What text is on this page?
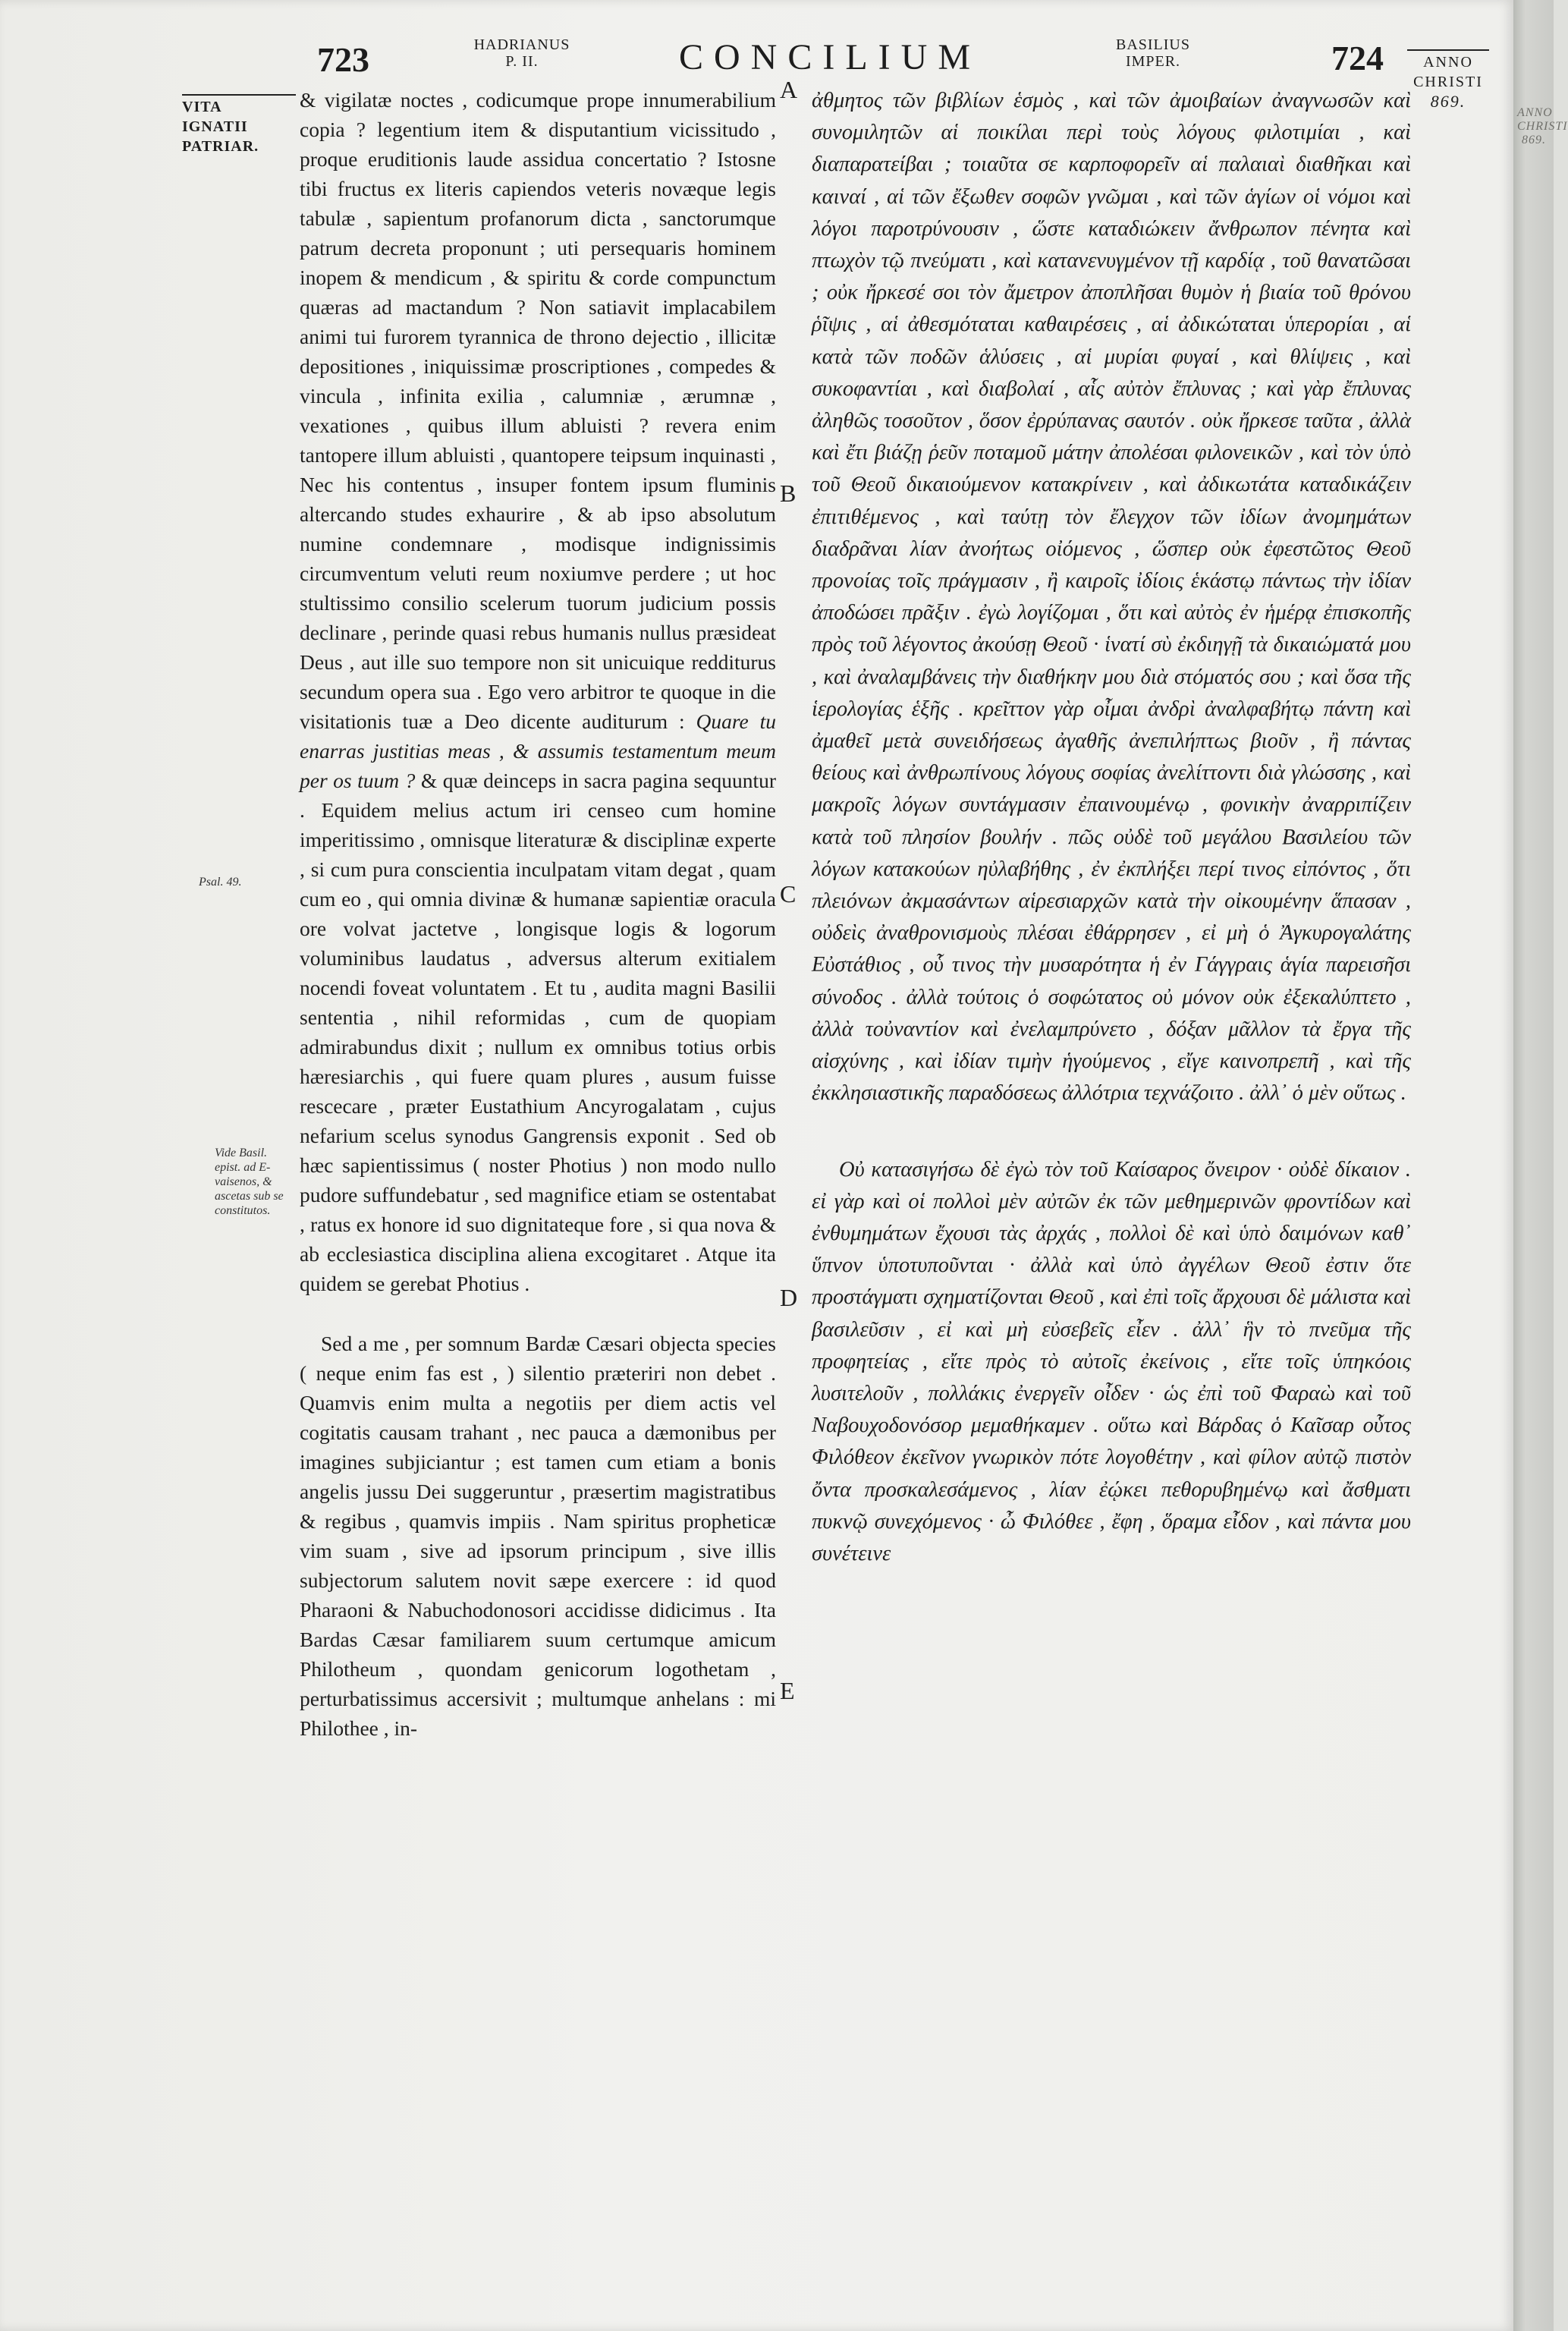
723	HADRIANUS
P. II.	CONCILIUM	BASILIUS
IMPER.	724	ANNO
CHRISTI
869.
VITA
IGNATII
PATRIAR.
Psal. 49.
Vide Basil. epist. ad E- vaisenos, & ascetas sub se constitutos.

& vigilatæ noctes , codicumque prope innumerabilium copia ? legentium item & disputantium vicissitudo , proque eruditionis laude assidua concertatio ? Istosne tibi fructus ex literis capiendos veteris novæque legis tabulæ , sapientum profanorum dicta , sanctorumque patrum decreta proponunt ; uti persequaris hominem inopem & mendicum , & spiritu & corde compunctum quæras ad mactandum ? Non satiavit implacabilem animi tui furorem tyrannica de throno dejectio , illicitæ depositiones , iniquissimæ proscriptiones , compedes & vincula , infinita exilia , calumniæ , ærumnæ , vexationes , quibus illum abluisti ? revera enim tantopere illum abluisti , quantopere teipsum inquinasti , Nec his contentus , insuper fontem ipsum fluminis altercando studes exhaurire , & ab ipso absolutum numine condemnare , modisque indignissimis circumventum veluti reum noxiumve perdere ; ut hoc stultissimo consilio scelerum tuorum judicium possis declinare , perinde quasi rebus humanis nullus præsideat Deus , aut ille suo tempore non sit unicuique redditurus secundum opera sua . Ego vero arbitror te quoque in die visitationis tuæ a Deo dicente auditurum : Quare tu enarras justitias meas , & assumis testamentum meum per os tuum ? & quæ deinceps in sacra pagina sequuntur . Equidem melius actum iri censeo cum homine imperitissimo , omnisque literaturæ & disciplinæ experte , si cum pura conscientia inculpatam vitam degat , quam cum eo , qui omnia divinæ & humanæ sapientiæ oracula ore volvat jactetve , longisque logis & logorum voluminibus laudatus , adversus alterum exitialem nocendi foveat voluntatem . Et tu , audita magni Basilii sententia , nihil reformidas , cum de quopiam admirabundus dixit ; nullum ex omnibus totius orbis hæresiarchis , qui fuere quam plures , ausum fuisse rescecare , præter Eustathium Ancyrogalatam , cujus nefarium scelus synodus Gangrensis exponit . Sed ob hæc sapientissimus ( noster Photius ) non modo nullo pudore suffundebatur , sed magnifice etiam se ostentabat , ratus ex honore id suo dignitateque fore , si qua nova & ab ecclesiastica disciplina aliena excogitaret . Atque ita quidem se gerebat Photius .

Sed a me , per somnum Bardæ Cæsari objecta species ( neque enim fas est , ) silentio præteriri non debet . Quamvis enim multa a negotiis per diem actis vel cogitatis causam trahant , nec pauca a dæmonibus per imagines subjiciantur ; est tamen cum etiam a bonis angelis jussu Dei suggeruntur , præsertim magistratibus & regibus , quamvis impiis . Nam spiritus propheticæ vim suam , sive ad ipsorum principum , sive illis subjectorum salutem novit sæpe exercere : id quod Pharaoni & Nabuchodonosori accidisse didicimus . Ita Bardas Cæsar familiarem suum certumque amicum Philotheum , quondam genicorum logothetam , perturbatissimus accersivit ; multumque anhelans : mi Philothee , in-

A
B
C
D
E

ἀθμητος τῶν βιβλίων ἑσμὸς , καὶ τῶν ἀμοιβαίων ἀναγνωσῶν καὶ συνομιλητῶν αἱ ποικίλαι περὶ τοὺς λόγους φιλοτιμίαι , καὶ διαπαρατείβαι ; τοιαῦτα σε καρποφορεῖν αἱ παλαιαὶ διαθῆκαι καὶ καιναί , αἱ τῶν ἔξωθεν σοφῶν γνῶμαι , καὶ τῶν ἁγίων οἱ νόμοι καὶ λόγοι παροτρύνουσιν , ὥστε καταδιώκειν ἄνθρωπον πένητα καὶ πτωχὸν τῷ πνεύματι , καὶ κατανενυγμένον τῇ καρδίᾳ , τοῦ θανατῶσαι ; οὐκ ἤρκεσέ σοι τὸν ἄμετρον ἀποπλῆσαι θυμὸν ἡ βιαία τοῦ θρόνου ῥῖψις , αἱ ἀθεσμόταται καθαιρέσεις , αἱ ἀδικώταται ὑπερορίαι , αἱ κατὰ τῶν ποδῶν ἁλύσεις , αἱ μυρίαι φυγαί , καὶ θλίψεις , καὶ συκοφαντίαι , καὶ διαβολαί , αἷς αὐτὸν ἔπλυνας ; καὶ γὰρ ἔπλυνας ἀληθῶς τοσοῦτον , ὅσον ἐρρύπανας σαυτόν . οὐκ ἤρκεσε ταῦτα , ἀλλὰ καὶ ἔτι βιάζῃ ῥεῦν ποταμοῦ μάτην ἀπολέσαι φιλονεικῶν , καὶ τὸν ὑπὸ τοῦ Θεοῦ δικαιούμενον κατακρίνειν , καὶ ἀδικωτάτα καταδικάζειν ἐπιτιθέμενος , καὶ ταύτῃ τὸν ἔλεγχον τῶν ἰδίων ἀνομημάτων διαδρᾶναι λίαν ἀνοήτως οἰόμενος , ὥσπερ οὐκ ἐφεστῶτος Θεοῦ προνοίας τοῖς πράγμασιν , ἢ καιροῖς ἰδίοις ἑκάστῳ πάντως τὴν ἰδίαν ἀποδώσει πρᾶξιν . ἐγὼ λογίζομαι , ὅτι καὶ αὐτὸς ἐν ἡμέρᾳ ἐπισκοπῆς πρὸς τοῦ λέγοντος ἀκούσῃ Θεοῦ · ἱνατί σὺ ἐκδιηγῇ τὰ δικαιώματά μου , καὶ ἀναλαμβάνεις τὴν διαθήκην μου διὰ στόματός σου ; καὶ ὅσα τῆς ἱερολογίας ἑξῆς . κρεῖττον γὰρ οἶμαι ἀνδρὶ ἀναλφαβήτῳ πάντη καὶ ἀμαθεῖ μετὰ συνειδήσεως ἀγαθῆς ἀνεπιλήπτως βιοῦν , ἢ πάντας θείους καὶ ἀνθρωπίνους λόγους σοφίας ἀνελίττοντι διὰ γλώσσης , καὶ μακροῖς λόγων συντάγμασιν ἐπαινουμένῳ , φονικὴν ἀναρριπίζειν κατὰ τοῦ πλησίον βουλήν . πῶς οὐδὲ τοῦ μεγάλου Βασιλείου τῶν λόγων κατακούων ηὐλαβήθης , ἐν ἐκπλήξει περί τινος εἰπόντος , ὅτι πλειόνων ἀκμασάντων αἱρεσιαρχῶν κατὰ τὴν οἰκουμένην ἅπασαν , οὐδεὶς ἀναθρονισμοὺς πλέσαι ἐθάρρησεν , εἰ μὴ ὁ Ἀγκυρογαλάτης Εὐστάθιος , οὗ τινος τὴν μυσαρότητα ἡ ἐν Γάγγραις ἁγία παρεισῆσι σύνοδος . ἀλλὰ τούτοις ὁ σοφώτατος οὐ μόνον οὐκ ἐξεκαλύπτετο , ἀλλὰ τοὐναντίον καὶ ἐνελαμπρύνετο , δόξαν μᾶλλον τὰ ἔργα τῆς αἰσχύνης , καὶ ἰδίαν τιμὴν ἡγούμενος , εἴγε καινοπρεπῆ , καὶ τῆς ἐκκλησιαστικῆς παραδόσεως ἀλλότρια τεχνάζοιτο . ἀλλ᾿ ὁ μὲν οὕτως .

Οὐ κατασιγήσω δὲ ἐγὼ τὸν τοῦ Καίσαρος ὄνειρον · οὐδὲ δίκαιον . εἰ γὰρ καὶ οἱ πολλοὶ μὲν αὐτῶν ἐκ τῶν μεθημερινῶν φροντίδων καὶ ἐνθυμημάτων ἔχουσι τὰς ἀρχάς , πολλοὶ δὲ καὶ ὑπὸ δαιμόνων καθ᾿ ὕπνον ὑποτυποῦνται · ἀλλὰ καὶ ὑπὸ ἀγγέλων Θεοῦ ἐστιν ὅτε προστάγματι σχηματίζονται Θεοῦ , καὶ ἐπὶ τοῖς ἄρχουσι δὲ μάλιστα καὶ βασιλεῦσιν , εἰ καὶ μὴ εὐσεβεῖς εἶεν . ἀλλ᾿ ἣν τὸ πνεῦμα τῆς προφητείας , εἴτε πρὸς τὸ αὐτοῖς ἐκείνοις , εἴτε τοῖς ὑπηκόοις λυσιτελοῦν , πολλάκις ἐνεργεῖν οἶδεν · ὡς ἐπὶ τοῦ Φαραὼ καὶ τοῦ Ναβουχοδονόσορ μεμαθήκαμεν . οὕτω καὶ Βάρδας ὁ Καῖσαρ οὗτος Φιλόθεον ἐκεῖνον γνωρικὸν πότε λογοθέτην , καὶ φίλον αὐτῷ πιστὸν ὄντα προσκαλεσάμενος , λίαν ἐῴκει πεθορυβημένῳ καὶ ἄσθματι πυκνῷ συνεχόμενος · ὦ Φιλόθεε , ἔφη , ὅραμα εἶδον , καὶ πάντα μου συνέτεινε

ANNO
CHRISTI
869.
